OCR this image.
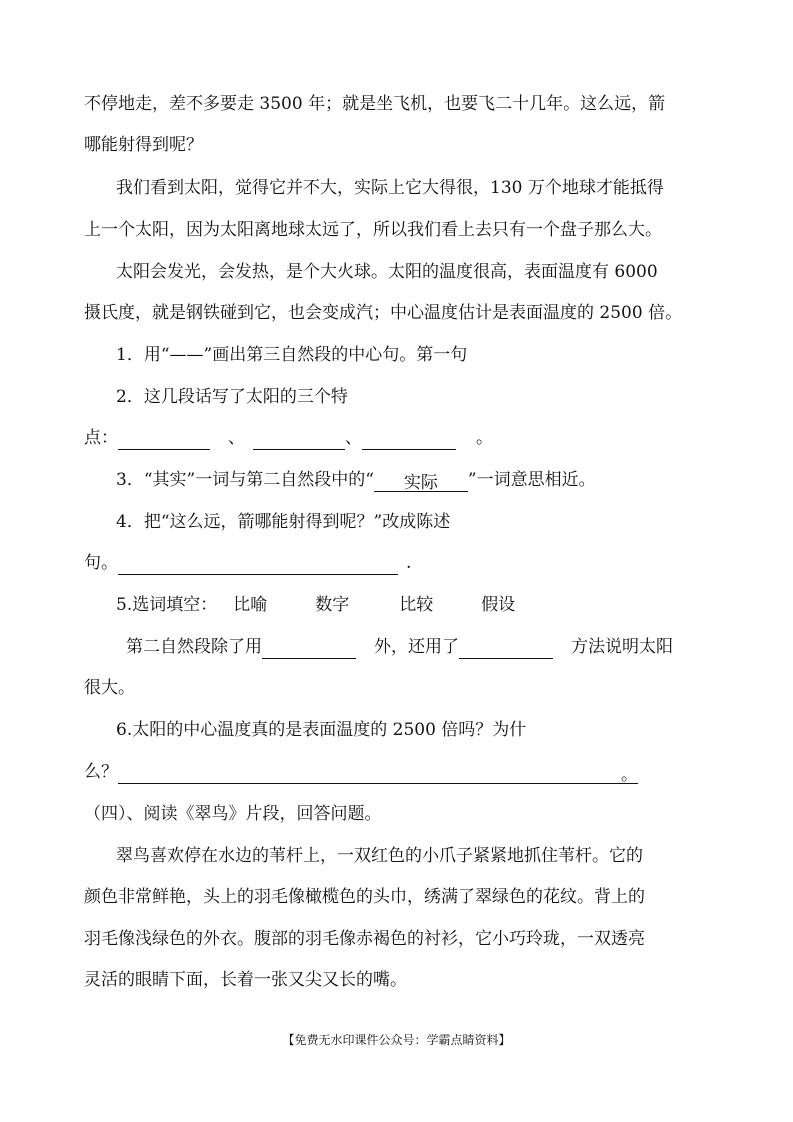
不停地走，差不多要走 3500 年；就是坐飞机，也要飞二十几年。这么远，箭
哪能射得到呢？
我们看到太阳，觉得它并不大，实际上它大得很，130 万个地球才能抵得
上一个太阳，因为太阳离地球太远了，所以我们看上去只有一个盘子那么大。
太阳会发光，会发热，是个大火球。太阳的温度很高，表面温度有 6000
摄氏度，就是钢铁碰到它，也会变成汽；中心温度估计是表面温度的 2500 倍。
1．用“——”画出第三自然段的中心句。第一句
2．这几段话写了太阳的三个特
点：	、	、	。
3．“其实”一词与第二自然段中的“ 实际 ”一词意思相近。
4．把“这么远，箭哪能射得到呢？”改成陈述
句。	.
5.选词填空： 比喻	数字	比较	假设
第二自然段除了用	外，还用了	方法说明太阳
很大。
6.太阳的中心温度真的是表面温度的 2500 倍吗？为什
么？	。
（四）、阅读《翠鸟》片段，回答问题。
翠鸟喜欢停在水边的苇杆上，一双红色的小爪子紧紧地抓住苇杆。它的
颜色非常鲜艳，头上的羽毛像橄榄色的头巾，绣满了翠绿色的花纹。背上的
羽毛像浅绿色的外衣。腹部的羽毛像赤褐色的衬衫，它小巧玲珑，一双透亮
灵活的眼睛下面，长着一张又尖又长的嘴。
【免费无水印课件公众号：学霸点睛资料】
